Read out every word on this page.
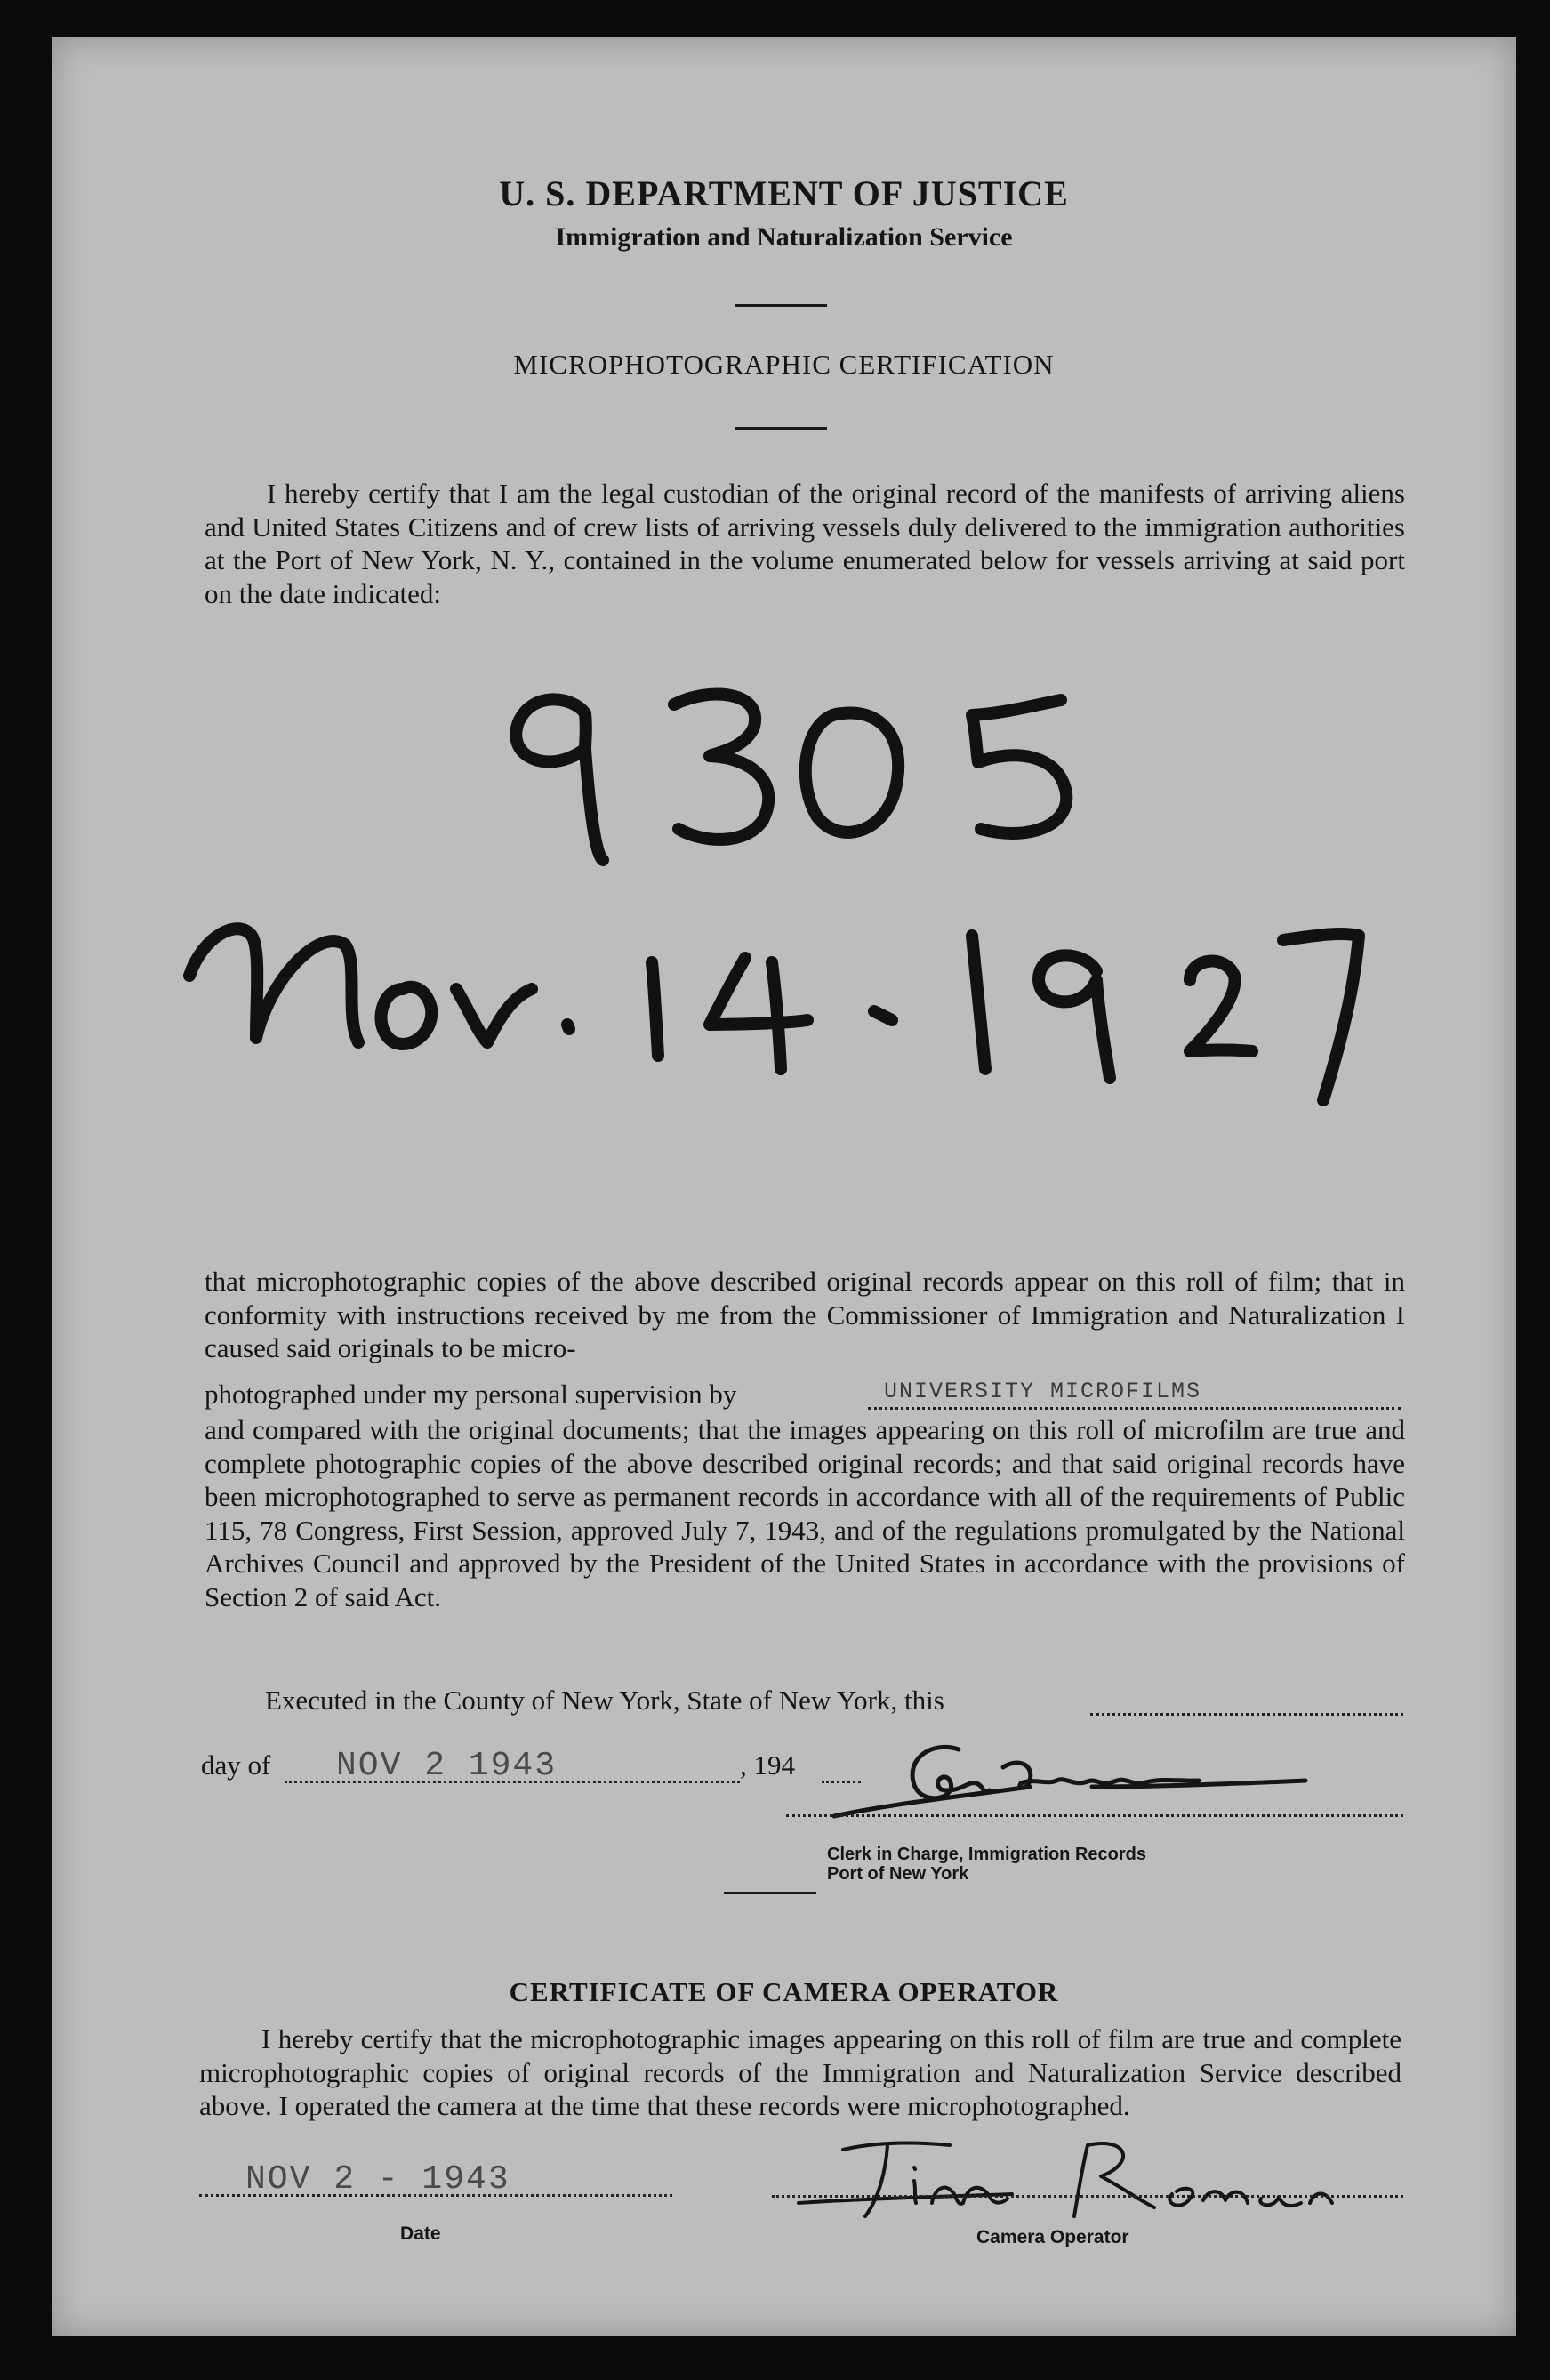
U. S. DEPARTMENT OF JUSTICE
Immigration and Naturalization Service
MICROPHOTOGRAPHIC CERTIFICATION

I hereby certify that I am the legal custodian of the original record of the manifests of arriving aliens and United States Citizens and of crew lists of arriving vessels duly delivered to the immigration authorities at the Port of New York, N. Y., contained in the volume enumerated below for vessels arriving at said port on the date indicated:

that microphotographic copies of the above described original records appear on this roll of film; that in conformity with instructions received by me from the Commissioner of Immigration and Naturalization I caused said originals to be micro-
photographed under my personal supervision by	UNIVERSITY MICROFILMS
and compared with the original documents; that the images appearing on this roll of microfilm are true and complete photographic copies of the above described original records; and that said original records have been microphotographed to serve as permanent records in accordance with all of the requirements of Public 115, 78 Congress, First Session, approved July 7, 1943, and of the regulations promulgated by the National Archives Council and approved by the President of the United States in accordance with the provisions of Section 2 of said Act.
Executed in the County of New York, State of New York, this
day of NOV 2 1943	, 194
Clerk in Charge, Immigration Records
Port of New York
CERTIFICATE OF CAMERA OPERATOR

I hereby certify that the microphotographic images appearing on this roll of film are true and complete microphotographic copies of original records of the Immigration and Naturalization Service described above. I operated the camera at the time that these records were microphotographed.

NOV 2 - 1943
Date	Camera Operator
